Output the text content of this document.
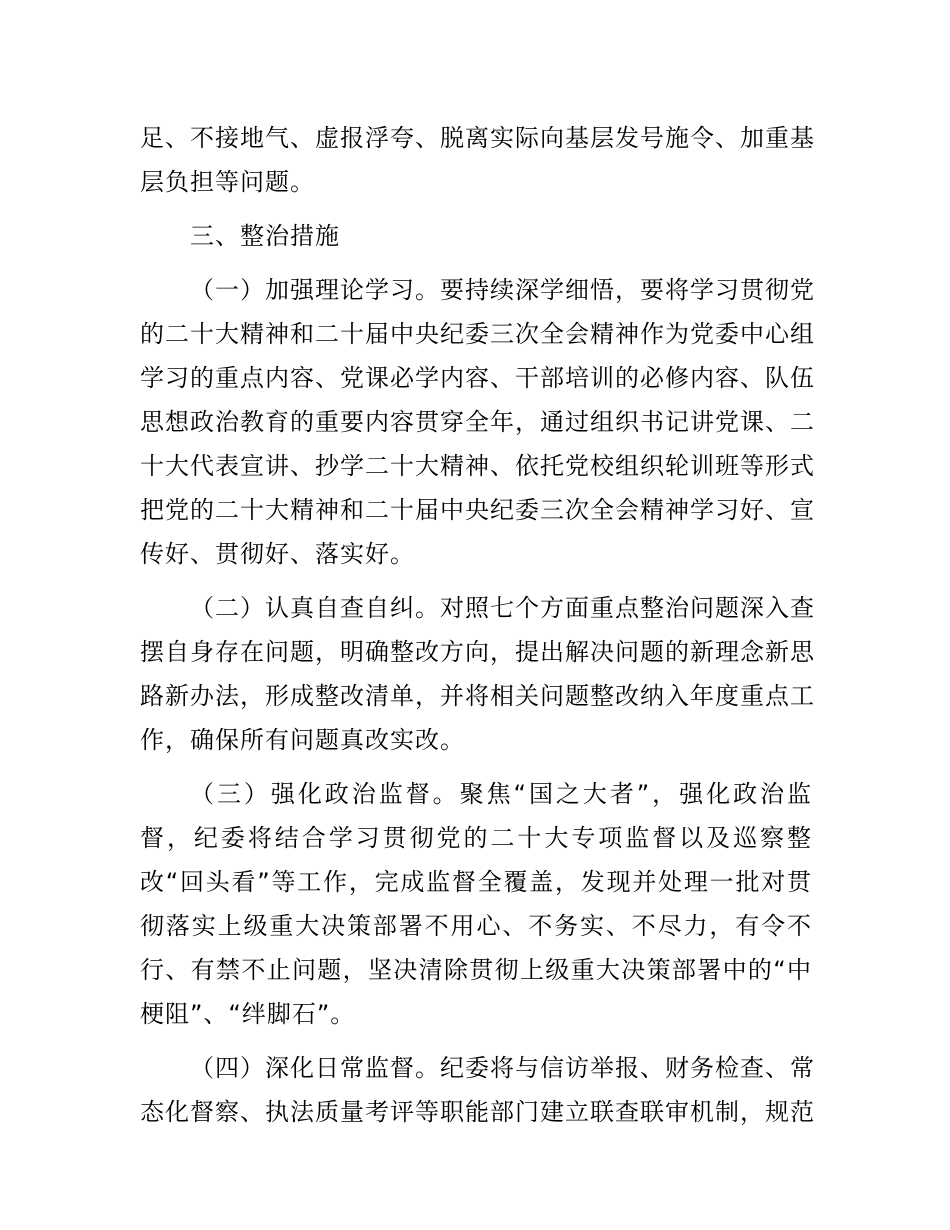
足、不接地气、虚报浮夸、脱离实际向基层发号施令、加重基
层负担等问题。
三、整治措施
（一）加强理论学习。要持续深学细悟，要将学习贯彻党
的二十大精神和二十届中央纪委三次全会精神作为党委中心组
学习的重点内容、党课必学内容、干部培训的必修内容、队伍
思想政治教育的重要内容贯穿全年，通过组织书记讲党课、二
十大代表宣讲、抄学二十大精神、依托党校组织轮训班等形式
把党的二十大精神和二十届中央纪委三次全会精神学习好、宣
传好、贯彻好、落实好。
（二）认真自查自纠。对照七个方面重点整治问题深入查
摆自身存在问题，明确整改方向，提出解决问题的新理念新思
路新办法，形成整改清单，并将相关问题整改纳入年度重点工
作，确保所有问题真改实改。
（三）强化政治监督。聚焦“国之大者”，强化政治监
督，纪委将结合学习贯彻党的二十大专项监督以及巡察整
改“回头看”等工作，完成监督全覆盖，发现并处理一批对贯
彻落实上级重大决策部署不用心、不务实、不尽力，有令不
行、有禁不止问题，坚决清除贯彻上级重大决策部署中的“中
梗阻”、“绊脚石”。
（四）深化日常监督。纪委将与信访举报、财务检查、常
态化督察、执法质量考评等职能部门建立联查联审机制，规范
